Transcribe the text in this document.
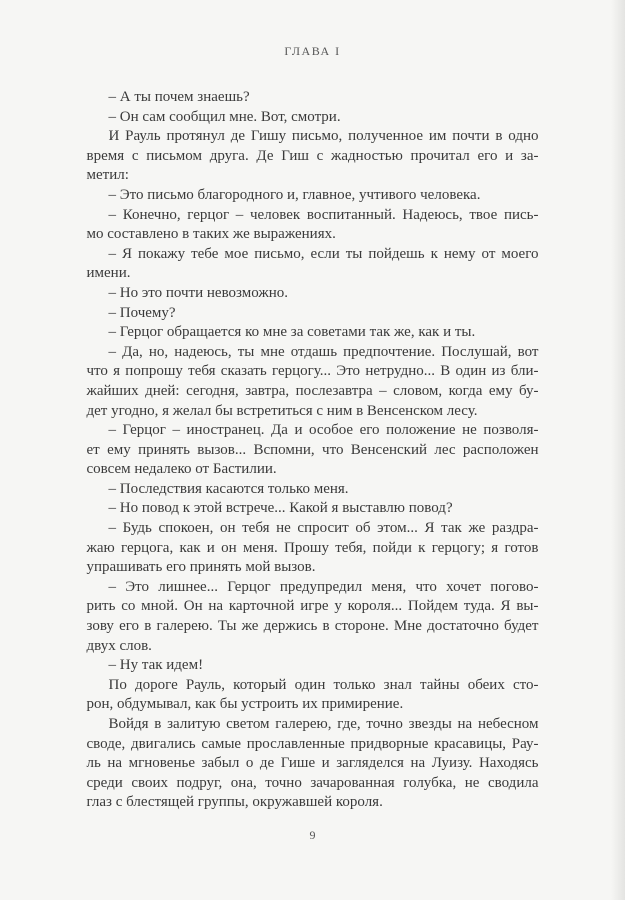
ГЛАВА I
– А ты почем знаешь?
– Он сам сообщил мне. Вот, смотри.
И Рауль протянул де Гишу письмо, полученное им почти в одно
время с письмом друга. Де Гиш с жадностью прочитал его и за-
метил:
– Это письмо благородного и, главное, учтивого человека.
– Конечно, герцог – человек воспитанный. Надеюсь, твое пись-
мо составлено в таких же выражениях.
– Я покажу тебе мое письмо, если ты пойдешь к нему от моего
имени.
– Но это почти невозможно.
– Почему?
– Герцог обращается ко мне за советами так же, как и ты.
– Да, но, надеюсь, ты мне отдашь предпочтение. Послушай, вот
что я попрошу тебя сказать герцогу... Это нетрудно... В один из бли-
жайших дней: сегодня, завтра, послезавтра – словом, когда ему бу-
дет угодно, я желал бы встретиться с ним в Венсенском лесу.
– Герцог – иностранец. Да и особое его положение не позволя-
ет ему принять вызов... Вспомни, что Венсенский лес расположен
совсем недалеко от Бастилии.
– Последствия касаются только меня.
– Но повод к этой встрече... Какой я выставлю повод?
– Будь спокоен, он тебя не спросит об этом... Я так же раздра-
жаю герцога, как и он меня. Прошу тебя, пойди к герцогу; я готов
упрашивать его принять мой вызов.
– Это лишнее... Герцог предупредил меня, что хочет погово-
рить со мной. Он на карточной игре у короля... Пойдем туда. Я вы-
зову его в галерею. Ты же держись в стороне. Мне достаточно будет
двух слов.
– Ну так идем!
По дороге Рауль, который один только знал тайны обеих сто-
рон, обдумывал, как бы устроить их примирение.
Войдя в залитую светом галерею, где, точно звезды на небесном
своде, двигались самые прославленные придворные красавицы, Рау-
ль на мгновенье забыл о де Гише и загляделся на Луизу. Находясь
среди своих подруг, она, точно зачарованная голубка, не сводила
глаз с блестящей группы, окружавшей короля.
9
